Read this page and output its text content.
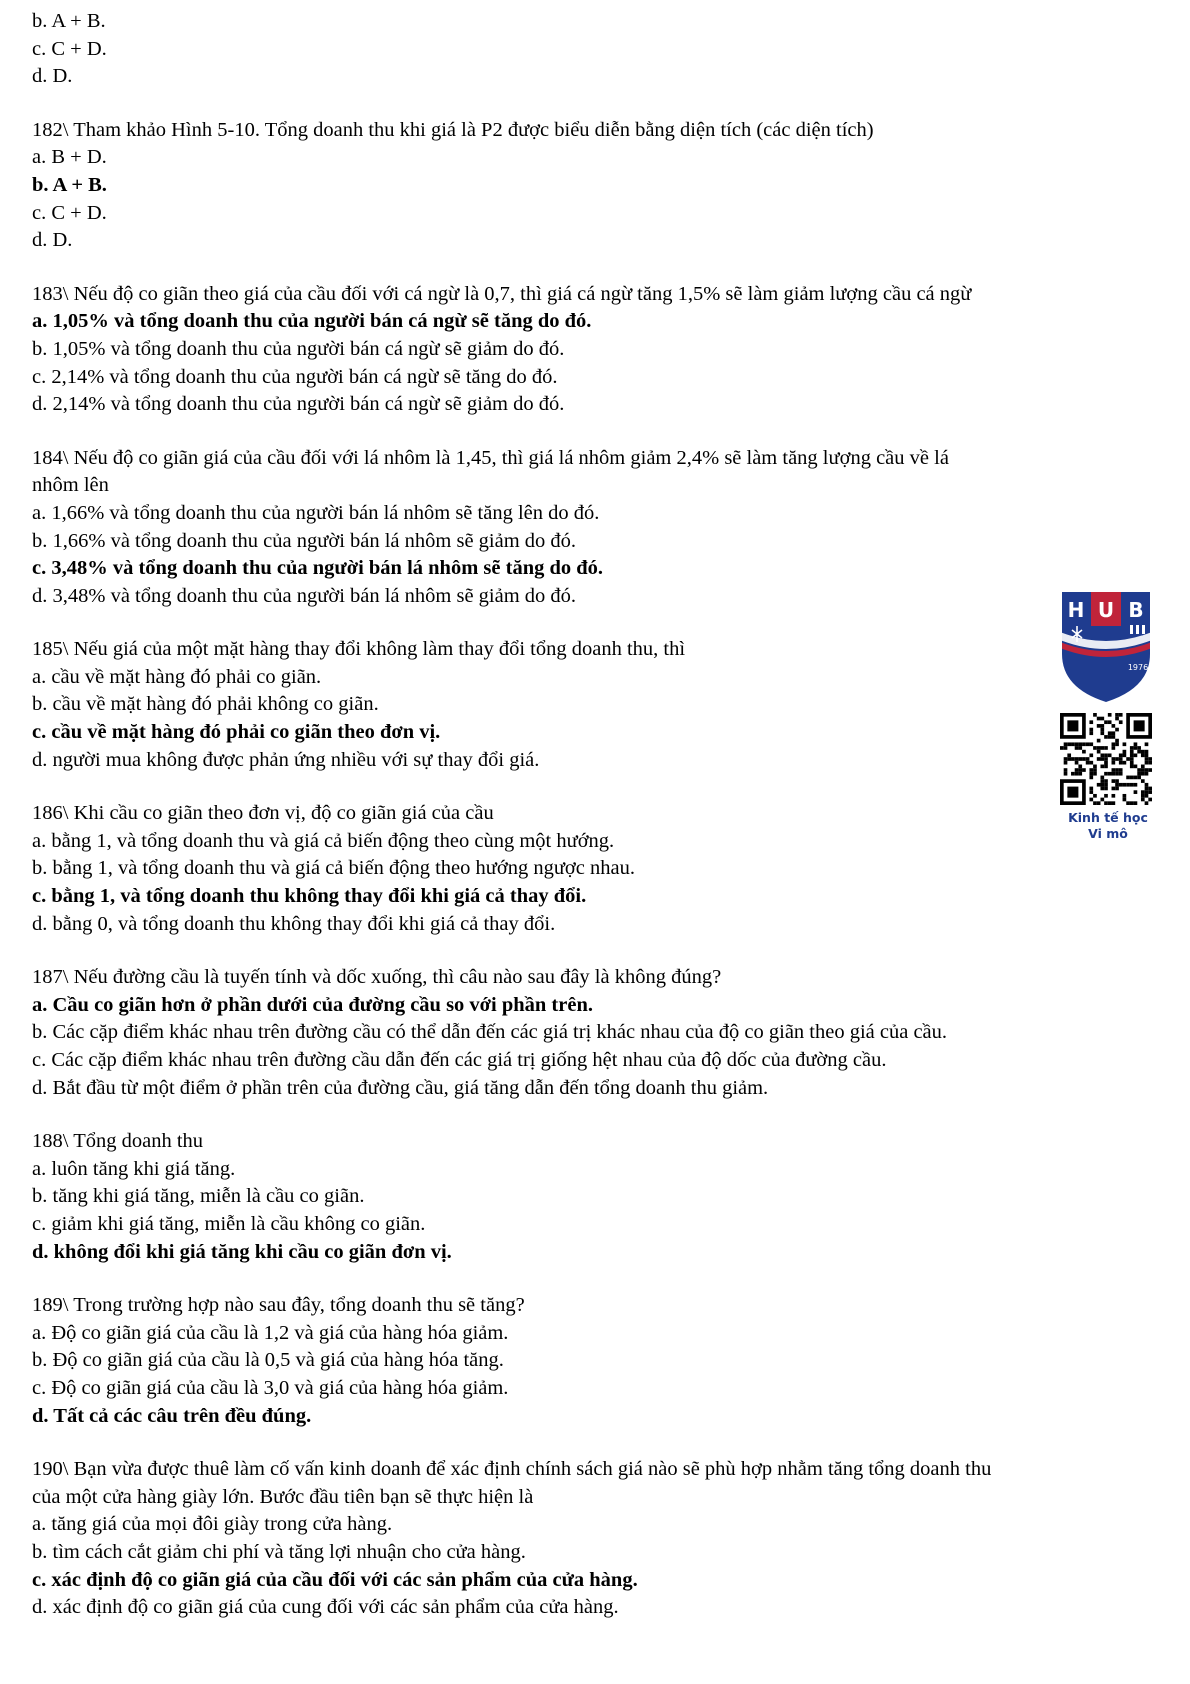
b. A + B.

c. C + D.

d. D.

182\ Tham khảo Hình 5-10. Tổng doanh thu khi giá là P2 được biểu diễn bằng diện tích (các diện tích)

a. B + D.

b. A + B.

c. C + D.

d. D.

183\ Nếu độ co giãn theo giá của cầu đối với cá ngừ là 0,7, thì giá cá ngừ tăng 1,5% sẽ làm giảm lượng cầu cá ngừ

a. 1,05% và tổng doanh thu của người bán cá ngừ sẽ tăng do đó.

b. 1,05% và tổng doanh thu của người bán cá ngừ sẽ giảm do đó.

c. 2,14% và tổng doanh thu của người bán cá ngừ sẽ tăng do đó.

d. 2,14% và tổng doanh thu của người bán cá ngừ sẽ giảm do đó.

184\ Nếu độ co giãn giá của cầu đối với lá nhôm là 1,45, thì giá lá nhôm giảm 2,4% sẽ làm tăng lượng cầu về lá

nhôm lên

a. 1,66% và tổng doanh thu của người bán lá nhôm sẽ tăng lên do đó.

b. 1,66% và tổng doanh thu của người bán lá nhôm sẽ giảm do đó.

c. 3,48% và tổng doanh thu của người bán lá nhôm sẽ tăng do đó.

d. 3,48% và tổng doanh thu của người bán lá nhôm sẽ giảm do đó.

185\ Nếu giá của một mặt hàng thay đổi không làm thay đổi tổng doanh thu, thì

a. cầu về mặt hàng đó phải co giãn.

b. cầu về mặt hàng đó phải không co giãn.

c. cầu về mặt hàng đó phải co giãn theo đơn vị.

d. người mua không được phản ứng nhiều với sự thay đổi giá.

186\ Khi cầu co giãn theo đơn vị, độ co giãn giá của cầu

a. bằng 1, và tổng doanh thu và giá cả biến động theo cùng một hướng.

b. bằng 1, và tổng doanh thu và giá cả biến động theo hướng ngược nhau.

c. bằng 1, và tổng doanh thu không thay đổi khi giá cả thay đổi.

d. bằng 0, và tổng doanh thu không thay đổi khi giá cả thay đổi.

187\ Nếu đường cầu là tuyến tính và dốc xuống, thì câu nào sau đây là không đúng?

a. Cầu co giãn hơn ở phần dưới của đường cầu so với phần trên.

b. Các cặp điểm khác nhau trên đường cầu có thể dẫn đến các giá trị khác nhau của độ co giãn theo giá của cầu.

c. Các cặp điểm khác nhau trên đường cầu dẫn đến các giá trị giống hệt nhau của độ dốc của đường cầu.

d. Bắt đầu từ một điểm ở phần trên của đường cầu, giá tăng dẫn đến tổng doanh thu giảm.

188\ Tổng doanh thu

a. luôn tăng khi giá tăng.

b. tăng khi giá tăng, miễn là cầu co giãn.

c. giảm khi giá tăng, miễn là cầu không co giãn.

d. không đổi khi giá tăng khi cầu co giãn đơn vị.

189\ Trong trường hợp nào sau đây, tổng doanh thu sẽ tăng?

a. Độ co giãn giá của cầu là 1,2 và giá của hàng hóa giảm.

b. Độ co giãn giá của cầu là 0,5 và giá của hàng hóa tăng.

c. Độ co giãn giá của cầu là 3,0 và giá của hàng hóa giảm.

d. Tất cả các câu trên đều đúng.

190\ Bạn vừa được thuê làm cố vấn kinh doanh để xác định chính sách giá nào sẽ phù hợp nhằm tăng tổng doanh thu

của một cửa hàng giày lớn. Bước đầu tiên bạn sẽ thực hiện là

a. tăng giá của mọi đôi giày trong cửa hàng.

b. tìm cách cắt giảm chi phí và tăng lợi nhuận cho cửa hàng.

c. xác định độ co giãn giá của cầu đối với các sản phẩm của cửa hàng.

d. xác định độ co giãn giá của cung đối với các sản phẩm của cửa hàng.

H U B
1976

Kinh tế học

Vi mô
